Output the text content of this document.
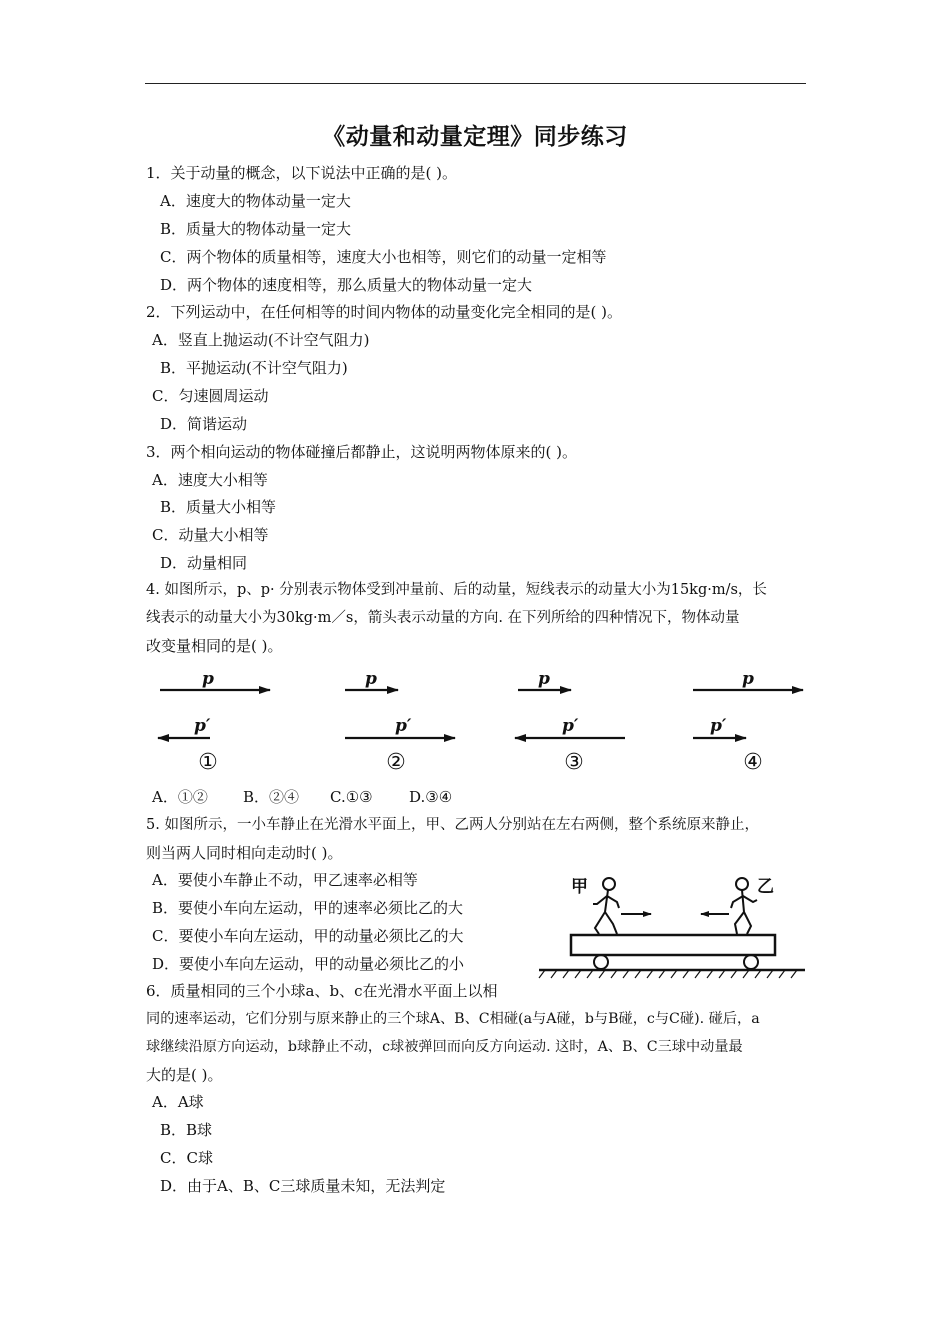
《动量和动量定理》同步练习
1．关于动量的概念，以下说法中正确的是( )。
A．速度大的物体动量一定大
B．质量大的物体动量一定大
C．两个物体的质量相等，速度大小也相等，则它们的动量一定相等
D．两个物体的速度相等，那么质量大的物体动量一定大
2．下列运动中，在任何相等的时间内物体的动量变化完全相同的是( )。
A．竖直上抛运动(不计空气阻力)
B．平抛运动(不计空气阻力)
C．匀速圆周运动
D．简谐运动
3．两个相向运动的物体碰撞后都静止，这说明两物体原来的( )。
A．速度大小相等
B．质量大小相等
C．动量大小相等
D．动量相同
4. 如图所示，p、p· 分别表示物体受到冲量前、后的动量，短线表示的动量大小为15kg·m/s，长
线表示的动量大小为30kg·m／s，箭头表示动量的方向. 在下列所给的四种情况下，物体动量
改变量相同的是( )。
p
p′
p
p′
p
p′
p
p′
①	②	③	④
A．①② B．②④ C.①③ D.③④
5. 如图所示，一小车静止在光滑水平面上，甲、乙两人分别站在左右两侧，整个系统原来静止，
则当两人同时相向走动时( )。
A．要使小车静止不动，甲乙速率必相等
B．要使小车向左运动，甲的速率必须比乙的大
C．要使小车向左运动，甲的动量必须比乙的大
D．要使小车向左运动，甲的动量必须比乙的小
甲	乙
6．质量相同的三个小球a、b、c在光滑水平面上以相
同的速率运动，它们分别与原来静止的三个球A、B、C相碰(a与A碰，b与B碰，c与C碰). 碰后，a
球继续沿原方向运动，b球静止不动，c球被弹回而向反方向运动. 这时，A、B、C三球中动量最
大的是( )。
A．A球
B．B球
C．C球
D．由于A、B、C三球质量未知，无法判定
